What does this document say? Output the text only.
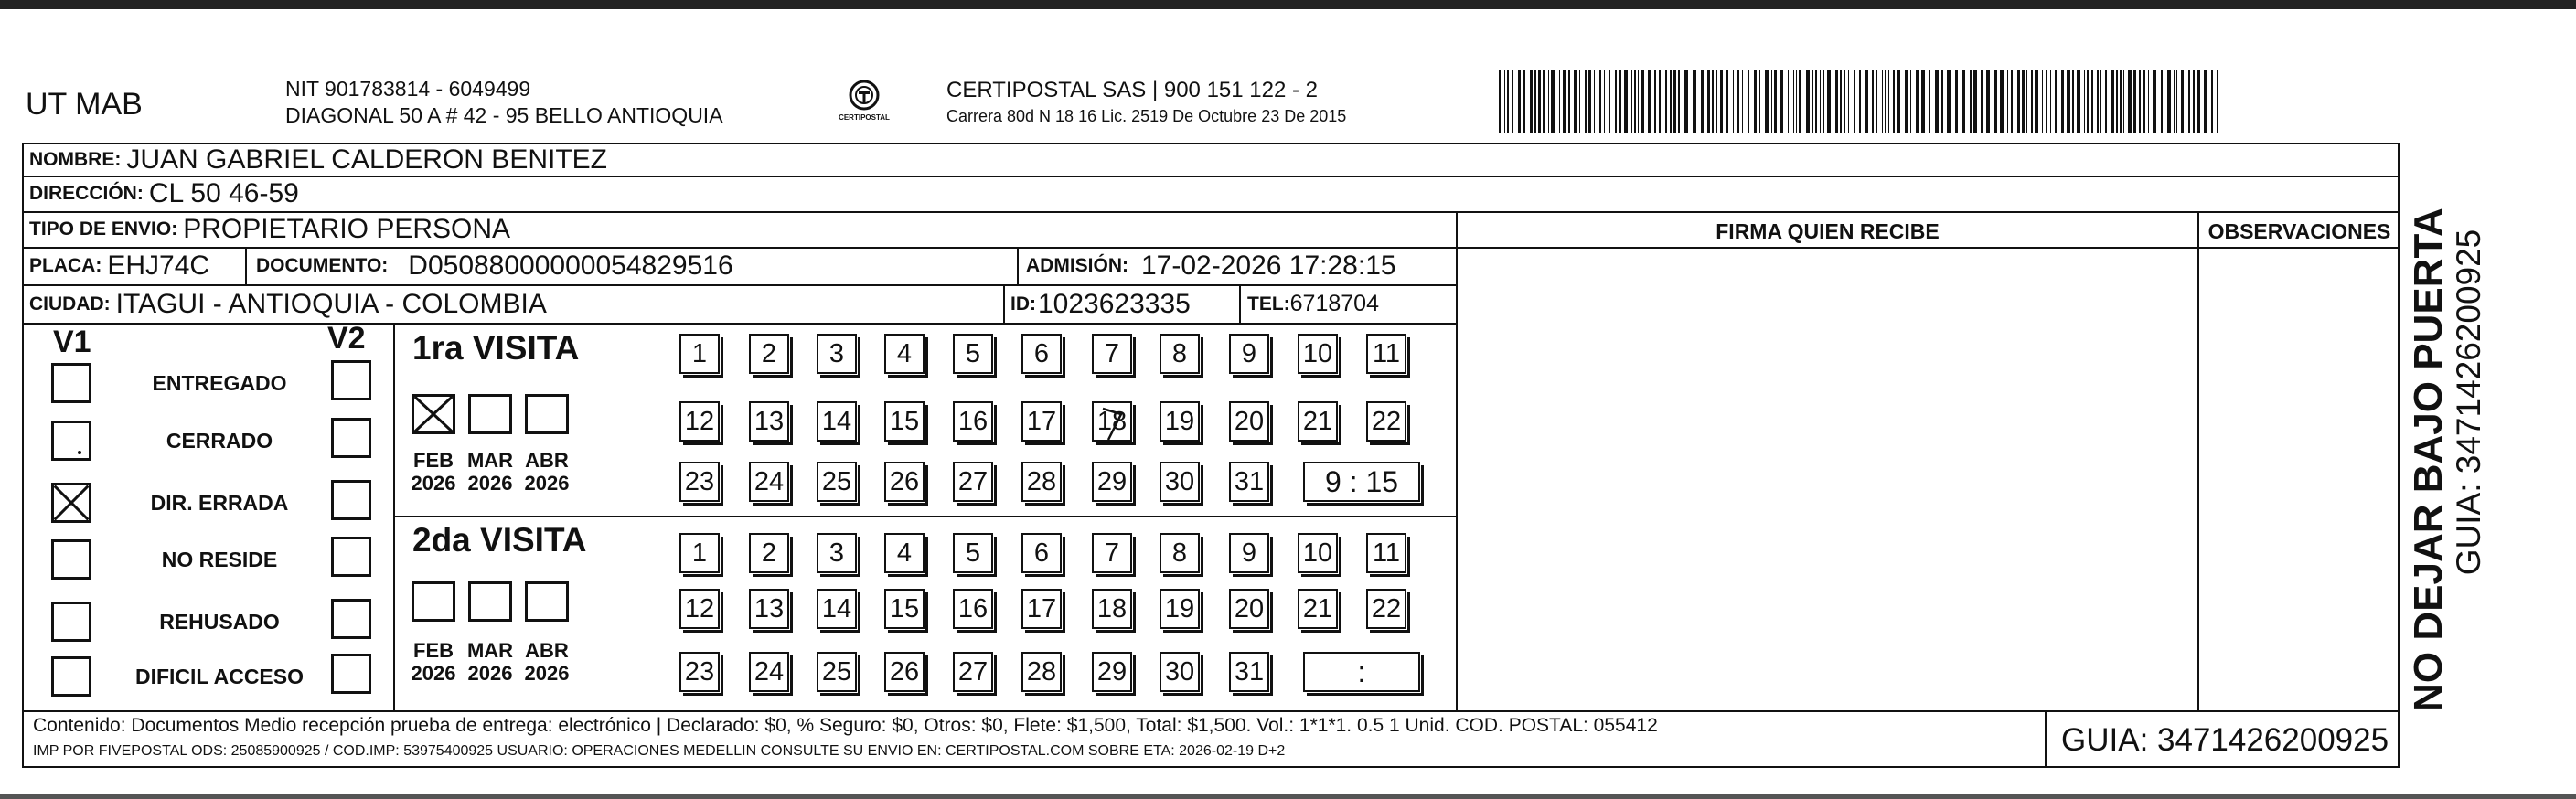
UT MAB	NIT 901783814 - 6049499
DIAGONAL 50 A # 42 - 95 BELLO ANTIOQUIA	CERTIPOSTAL
CERTIPOSTAL SAS | 900 151 122 - 2
Carrera 80d N 18 16 Lic. 2519 De Octubre 23 De 2015
NOMBRE: JUAN GABRIEL CALDERON BENITEZ
DIRECCIÓN: CL 50 46-59
TIPO DE ENVIO: PROPIETARIO PERSONA	FIRMA QUIEN RECIBE	OBSERVACIONES
PLACA: EHJ74C DOCUMENTO: D05088000000054829516	ADMISIÓN: 17-02-2026 17:28:15
CIUDAD: ITAGUI - ANTIOQUIA - COLOMBIA	ID: 1023623335	TEL: 6718704
V1	V2
ENTREGADO
CERRADO
DIR. ERRADA
NO RESIDE
REHUSADO
DIFICIL ACCESO
1ra VISITA
2da VISITA
FEB
2026
MAR
2026
ABR
2026
1	2	3	4	5	6	7	8	9	10 11
12 13 14 15 16 17 18 19 20 21 22
23 24 25 26 27 28 29 30 31	9 : 15
FEB
2026
MAR
2026
ABR
2026
1	2	3	4	5	6	7	8	9	10 11
12 13 14 15 16 17 18 19 20 21 22
23 24 25 26 27 28 29 30 31	:
Contenido: Documentos Medio recepción prueba de entrega: electrónico | Declarado: $0, % Seguro: $0, Otros: $0, Flete: $1,500, Total: $1,500. Vol.: 1*1*1. 0.5 1 Unid. COD. POSTAL: 055412
IMP POR FIVEPOSTAL ODS: 25085900925 / COD.IMP: 53975400925 USUARIO: OPERACIONES MEDELLIN CONSULTE SU ENVIO EN: CERTIPOSTAL.COM SOBRE ETA: 2026-02-19 D+2	GUIA: 3471426200925
NO DEJAR BAJO PUERTA GUIA: 3471426200925
